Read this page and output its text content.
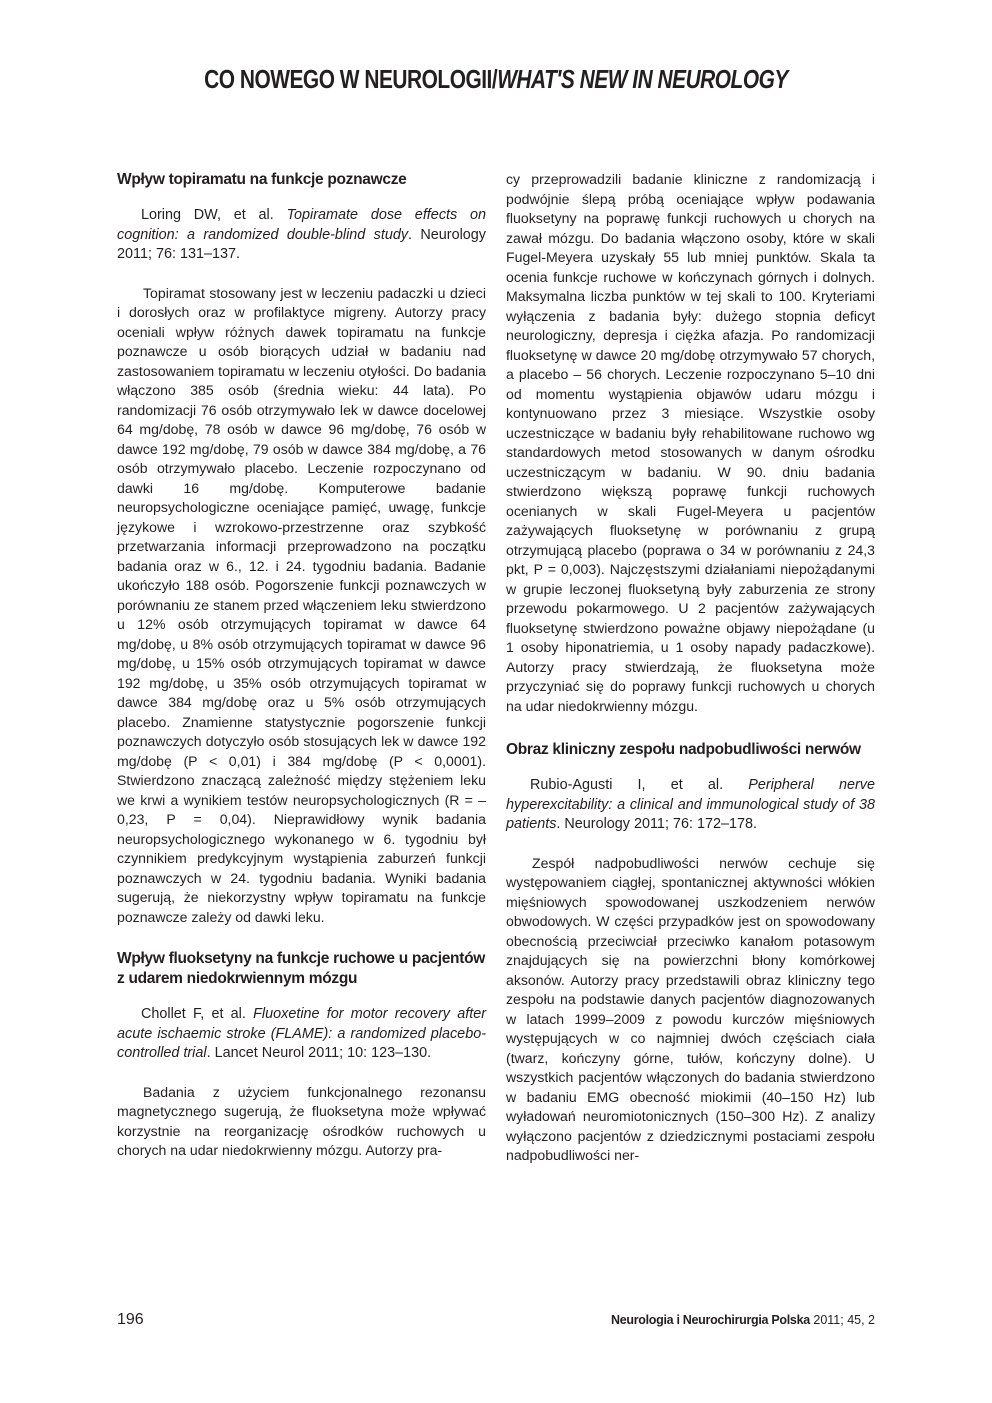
CO NOWEGO W NEUROLOGII/WHAT'S NEW IN NEUROLOGY
Wpływ topiramatu na funkcje poznawcze

Loring DW, et al. Topiramate dose effects on cognition: a randomized double-blind study. Neurology 2011; 76: 131–137.

Topiramat stosowany jest w leczeniu padaczki u dzieci i dorosłych oraz w profilaktyce migreny. Autorzy pracy oceniali wpływ różnych dawek topiramatu na funkcje poznawcze u osób biorących udział w badaniu nad zastosowaniem topiramatu w leczeniu otyłości. Do badania włączono 385 osób (średnia wieku: 44 lata). Po randomizacji 76 osób otrzymywało lek w dawce docelowej 64 mg/dobę, 78 osób w dawce 96 mg/dobę, 76 osób w dawce 192 mg/dobę, 79 osób w dawce 384 mg/dobę, a 76 osób otrzymywało placebo. Leczenie rozpoczynano od dawki 16 mg/dobę. Komputerowe badanie neuropsychologiczne oceniające pamięć, uwagę, funkcje językowe i wzrokowo-przestrzenne oraz szybkość przetwarzania informacji przeprowadzono na początku badania oraz w 6., 12. i 24. tygodniu badania. Badanie ukończyło 188 osób. Pogorszenie funkcji poznawczych w porównaniu ze stanem przed włączeniem leku stwierdzono u 12% osób otrzymujących topiramat w dawce 64 mg/dobę, u 8% osób otrzymujących topiramat w dawce 96 mg/dobę, u 15% osób otrzymujących topiramat w dawce 192 mg/dobę, u 35% osób otrzymujących topiramat w dawce 384 mg/dobę oraz u 5% osób otrzymujących placebo. Znamienne statystycznie pogorszenie funkcji poznawczych dotyczyło osób stosujących lek w dawce 192 mg/dobę (P < 0,01) i 384 mg/dobę (P < 0,0001). Stwierdzono znaczącą zależność między stężeniem leku we krwi a wynikiem testów neuropsychologicznych (R = –0,23, P = 0,04). Nieprawidłowy wynik badania neuropsychologicznego wykonanego w 6. tygodniu był czynnikiem predykcyjnym wystąpienia zaburzeń funkcji poznawczych w 24. tygodniu badania. Wyniki badania sugerują, że niekorzystny wpływ topiramatu na funkcje poznawcze zależy od dawki leku.

Wpływ fluoksetyny na funkcje ruchowe u pacjentów z udarem niedokrwiennym mózgu

Chollet F, et al. Fluoxetine for motor recovery after acute ischaemic stroke (FLAME): a randomized placebo-controlled trial. Lancet Neurol 2011; 10: 123–130.

Badania z użyciem funkcjonalnego rezonansu magnetycznego sugerują, że fluoksetyna może wpływać korzystnie na reorganizację ośrodków ruchowych u chorych na udar niedokrwienny mózgu. Autorzy pra-

cy przeprowadzili badanie kliniczne z randomizacją i podwójnie ślepą próbą oceniające wpływ podawania fluoksetyny na poprawę funkcji ruchowych u chorych na zawał mózgu. Do badania włączono osoby, które w skali Fugel-Meyera uzyskały 55 lub mniej punktów. Skala ta ocenia funkcje ruchowe w kończynach górnych i dolnych. Maksymalna liczba punktów w tej skali to 100. Kryteriami wyłączenia z badania były: dużego stopnia deficyt neurologiczny, depresja i ciężka afazja. Po randomizacji fluoksetynę w dawce 20 mg/dobę otrzymywało 57 chorych, a placebo – 56 chorych. Leczenie rozpoczynano 5–10 dni od momentu wystąpienia objawów udaru mózgu i kontynuowano przez 3 miesiące. Wszystkie osoby uczestniczące w badaniu były rehabilitowane ruchowo wg standardowych metod stosowanych w danym ośrodku uczestniczącym w badaniu. W 90. dniu badania stwierdzono większą poprawę funkcji ruchowych ocenianych w skali Fugel-Meyera u pacjentów zażywających fluoksetynę w porównaniu z grupą otrzymującą placebo (poprawa o 34 w porównaniu z 24,3 pkt, P = 0,003). Najczęstszymi działaniami niepożądanymi w grupie leczonej fluoksetyną były zaburzenia ze strony przewodu pokarmowego. U 2 pacjentów zażywających fluoksetynę stwierdzono poważne objawy niepożądane (u 1 osoby hiponatriemia, u 1 osoby napady padaczkowe). Autorzy pracy stwierdzają, że fluoksetyna może przyczyniać się do poprawy funkcji ruchowych u chorych na udar niedokrwienny mózgu.

Obraz kliniczny zespołu nadpobudliwości nerwów

Rubio-Agusti I, et al. Peripheral nerve hyperexcitability: a clinical and immunological study of 38 patients. Neurology 2011; 76: 172–178.

Zespół nadpobudliwości nerwów cechuje się występowaniem ciągłej, spontanicznej aktywności włókien mięśniowych spowodowanej uszkodzeniem nerwów obwodowych. W części przypadków jest on spowodowany obecnością przeciwciał przeciwko kanałom potasowym znajdujących się na powierzchni błony komórkowej aksonów. Autorzy pracy przedstawili obraz kliniczny tego zespołu na podstawie danych pacjentów diagnozowanych w latach 1999–2009 z powodu kurczów mięśniowych występujących w co najmniej dwóch częściach ciała (twarz, kończyny górne, tułów, kończyny dolne). U wszystkich pacjentów włączonych do badania stwierdzono w badaniu EMG obecność miokimii (40–150 Hz) lub wyładowań neuromiotonicznych (150–300 Hz). Z analizy wyłączono pacjentów z dziedzicznymi postaciami zespołu nadpobudliwości ner-

196	Neurologia i Neurochirurgia Polska 2011; 45, 2
